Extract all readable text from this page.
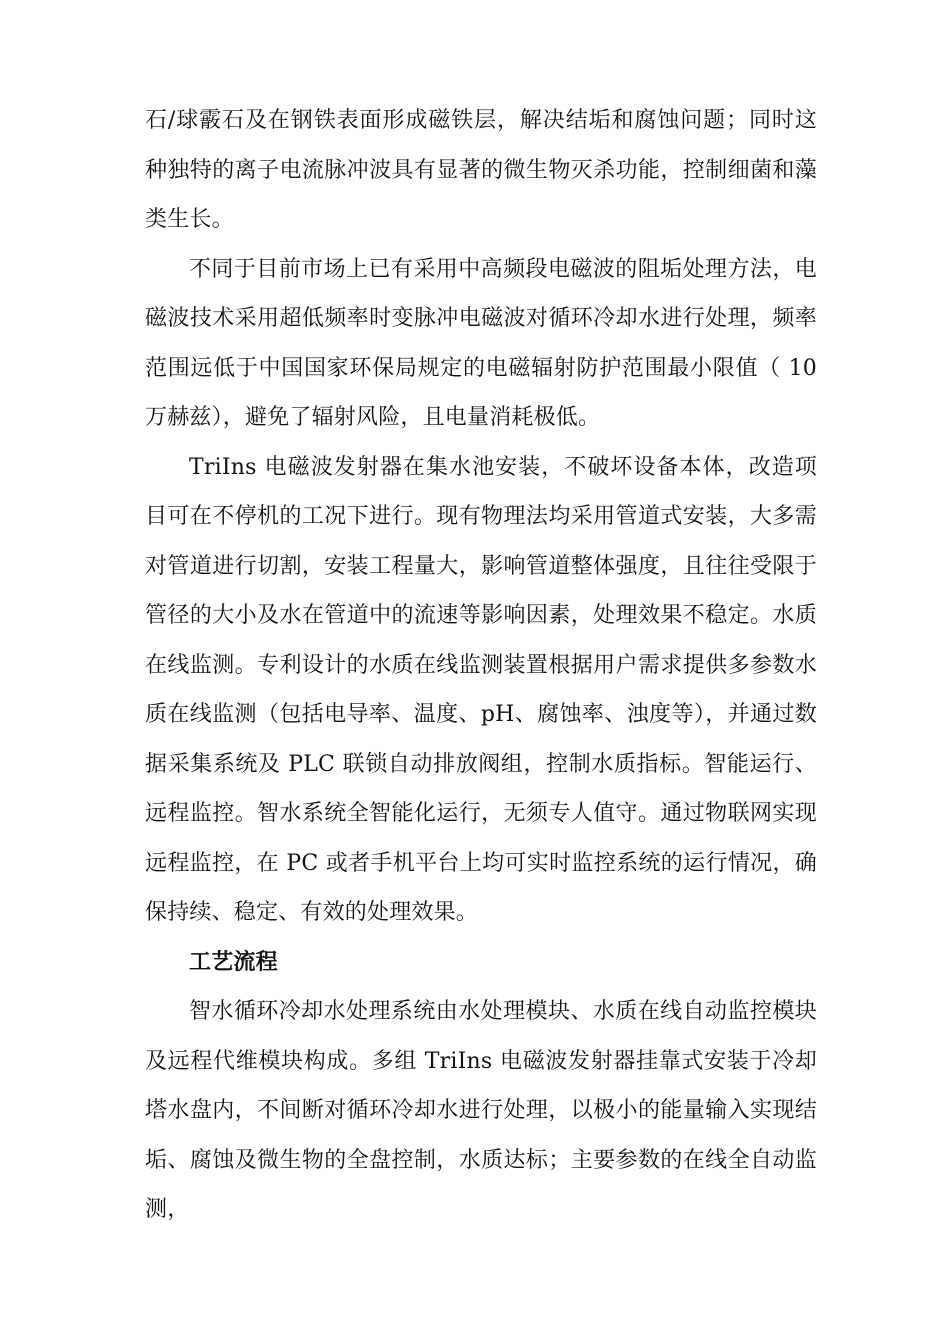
石/球霰石及在钢铁表面形成磁铁层，解决结垢和腐蚀问题；同时这种独特的离子电流脉冲波具有显著的微生物灭杀功能，控制细菌和藻类生长。

不同于目前市场上已有采用中高频段电磁波的阻垢处理方法，电磁波技术采用超低频率时变脉冲电磁波对循环冷却水进行处理，频率范围远低于中国国家环保局规定的电磁辐射防护范围最小限值（ 10 万赫兹），避免了辐射风险，且电量消耗极低。

TriIns 电磁波发射器在集水池安装，不破坏设备本体，改造项目可在不停机的工况下进行。现有物理法均采用管道式安装，大多需对管道进行切割，安装工程量大，影响管道整体强度，且往往受限于管径的大小及水在管道中的流速等影响因素，处理效果不稳定。水质在线监测。专利设计的水质在线监测装置根据用户需求提供多参数水质在线监测（包括电导率、温度、pH、腐蚀率、浊度等），并通过数据采集系统及 PLC 联锁自动排放阀组，控制水质指标。智能运行、远程监控。智水系统全智能化运行，无须专人值守。通过物联网实现远程监控，在 PC 或者手机平台上均可实时监控系统的运行情况，确保持续、稳定、有效的处理效果。

工艺流程

智水循环冷却水处理系统由水处理模块、水质在线自动监控模块及远程代维模块构成。多组 TriIns 电磁波发射器挂靠式安装于冷却塔水盘内，不间断对循环冷却水进行处理，以极小的能量输入实现结垢、腐蚀及微生物的全盘控制，水质达标；主要参数的在线全自动监测，
